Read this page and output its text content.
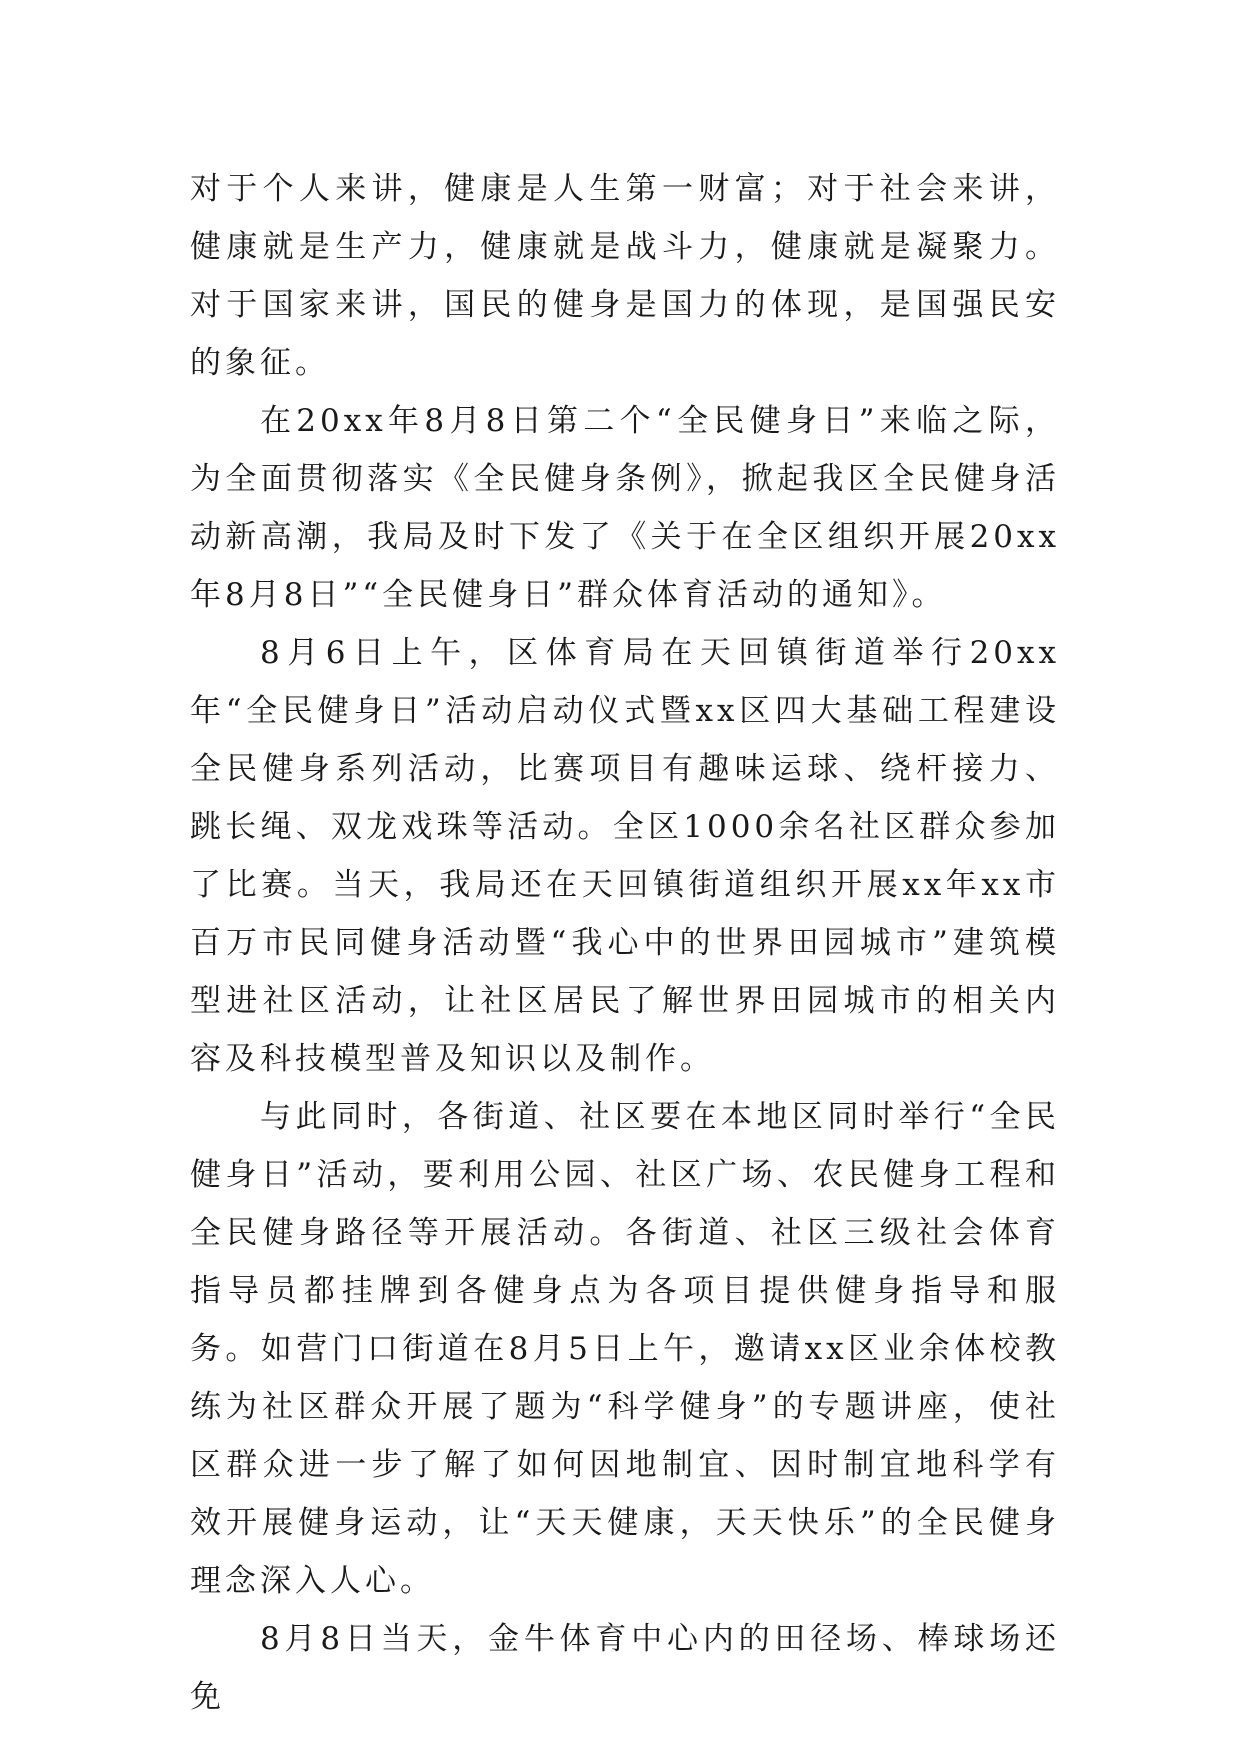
对于个人来讲，健康是人生第一财富；对于社会来讲，健康就是生产力，健康就是战斗力，健康就是凝聚力。对于国家来讲，国民的健身是国力的体现，是国强民安的象征。

在20xx年8月8日第二个“全民健身日”来临之际，为全面贯彻落实《全民健身条例》，掀起我区全民健身活动新高潮，我局及时下发了《关于在全区组织开展20xx年8月8日”“全民健身日”群众体育活动的通知》。

8月6日上午，区体育局在天回镇街道举行20xx年“全民健身日”活动启动仪式暨xx区四大基础工程建设全民健身系列活动，比赛项目有趣味运球、绕杆接力、跳长绳、双龙戏珠等活动。全区1000余名社区群众参加了比赛。当天，我局还在天回镇街道组织开展xx年xx市百万市民同健身活动暨“我心中的世界田园城市”建筑模型进社区活动，让社区居民了解世界田园城市的相关内容及科技模型普及知识以及制作。

与此同时，各街道、社区要在本地区同时举行“全民健身日”活动，要利用公园、社区广场、农民健身工程和全民健身路径等开展活动。各街道、社区三级社会体育指导员都挂牌到各健身点为各项目提供健身指导和服务。如营门口街道在8月5日上午，邀请xx区业余体校教练为社区群众开展了题为“科学健身”的专题讲座，使社区群众进一步了解了如何因地制宜、因时制宜地科学有效开展健身运动，让“天天健康，天天快乐”的全民健身理念深入人心。

8月8日当天，金牛体育中心内的田径场、棒球场还免
